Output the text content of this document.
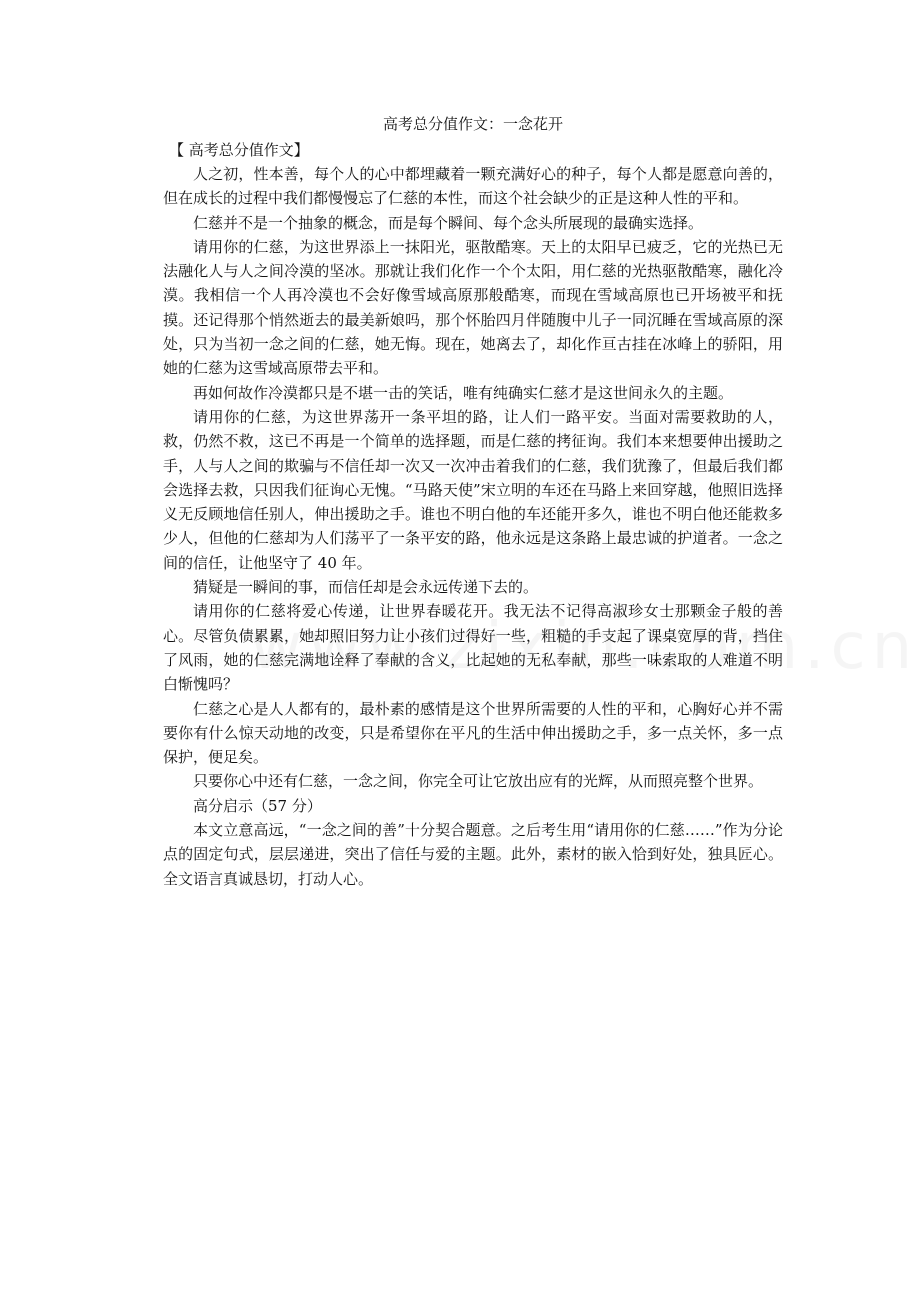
高考总分值作文：一念花开

【 高考总分值作文】

人之初，性本善，每个人的心中都埋藏着一颗充满好心的种子，每个人都是愿意向善的，但在成长的过程中我们都慢慢忘了仁慈的本性，而这个社会缺少的正是这种人性的平和。

仁慈并不是一个抽象的概念，而是每个瞬间、每个念头所展现的最确实选择。

请用你的仁慈，为这世界添上一抹阳光，驱散酷寒。天上的太阳早已疲乏，它的光热已无法融化人与人之间冷漠的坚冰。那就让我们化作一个个太阳，用仁慈的光热驱散酷寒，融化冷漠。我相信一个人再冷漠也不会好像雪域高原那般酷寒，而现在雪域高原也已开场被平和抚摸。还记得那个悄然逝去的最美新娘吗，那个怀胎四月伴随腹中儿子一同沉睡在雪域高原的深处，只为当初一念之间的仁慈，她无悔。现在，她离去了，却化作亘古挂在冰峰上的骄阳，用她的仁慈为这雪域高原带去平和。

再如何故作冷漠都只是不堪一击的笑话，唯有纯确实仁慈才是这世间永久的主题。

请用你的仁慈，为这世界荡开一条平坦的路，让人们一路平安。当面对需要救助的人，救，仍然不救，这已不再是一个简单的选择题，而是仁慈的拷征询。我们本来想要伸出援助之手，人与人之间的欺骗与不信任却一次又一次冲击着我们的仁慈，我们犹豫了，但最后我们都会选择去救，只因我们征询心无愧。“马路天使”宋立明的车还在马路上来回穿越，他照旧选择义无反顾地信任别人，伸出援助之手。谁也不明白他的车还能开多久，谁也不明白他还能救多少人，但他的仁慈却为人们荡平了一条平安的路，他永远是这条路上最忠诚的护道者。一念之间的信任，让他坚守了 40 年。

猜疑是一瞬间的事，而信任却是会永远传递下去的。

请用你的仁慈将爱心传递，让世界春暖花开。我无法不记得高淑珍女士那颗金子般的善心。尽管负债累累，她却照旧努力让小孩们过得好一些，粗糙的手支起了课桌宽厚的背，挡住了风雨，她的仁慈完满地诠释了奉献的含义，比起她的无私奉献，那些一味索取的人难道不明白惭愧吗？

仁慈之心是人人都有的，最朴素的感情是这个世界所需要的人性的平和，心胸好心并不需要你有什么惊天动地的改变，只是希望你在平凡的生活中伸出援助之手，多一点关怀，多一点保护，便足矣。

只要你心中还有仁慈，一念之间，你完全可让它放出应有的光辉，从而照亮整个世界。

高分启示（57 分）

本文立意高远，“一念之间的善”十分契合题意。之后考生用“请用你的仁慈……”作为分论点的固定句式，层层递进，突出了信任与爱的主题。此外，素材的嵌入恰到好处，独具匠心。全文语言真诚恳切，打动人心。
